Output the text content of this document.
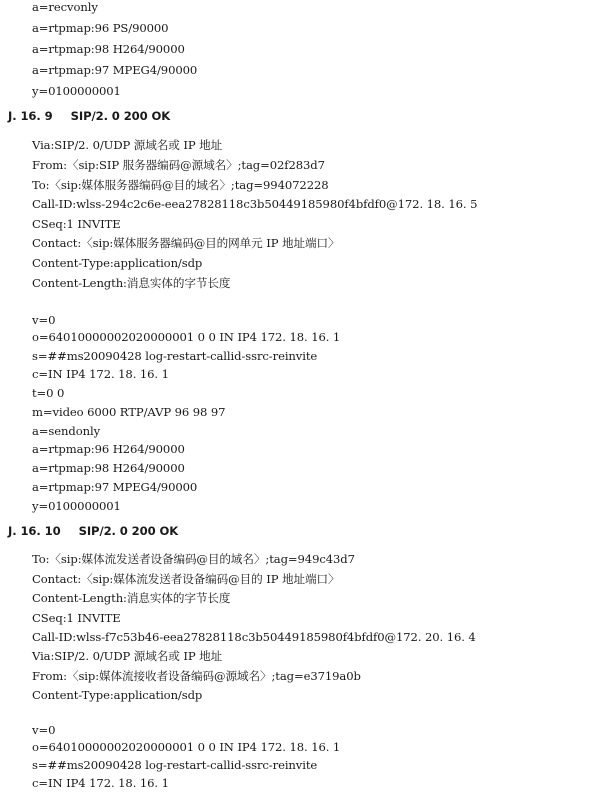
a=recvonly
a=rtpmap:96 PS/90000
a=rtpmap:98 H264/90000
a=rtpmap:97 MPEG4/90000
y=0100000001
J. 16. 9 SIP/2. 0 200 OK
Via:SIP/2. 0/UDP 源域名或 IP 地址
From:〈sip:SIP 服务器编码@源域名〉;tag=02f283d7
To:〈sip:媒体服务器编码@目的域名〉;tag=994072228
Call-ID:wlss-294c2c6e-eea27828118c3b50449185980f4bfdf0@172. 18. 16. 5
CSeq:1 INVITE
Contact:〈sip:媒体服务器编码@目的网单元 IP 地址端口〉
Content-Type:application/sdp
Content-Length:消息实体的字节长度
v=0
o=64010000002020000001 0 0 IN IP4 172. 18. 16. 1
s=##ms20090428 log-restart-callid-ssrc-reinvite
c=IN IP4 172. 18. 16. 1
t=0 0
m=video 6000 RTP/AVP 96 98 97
a=sendonly
a=rtpmap:96 H264/90000
a=rtpmap:98 H264/90000
a=rtpmap:97 MPEG4/90000
y=0100000001
J. 16. 10 SIP/2. 0 200 OK
To:〈sip:媒体流发送者设备编码@目的域名〉;tag=949c43d7
Contact:〈sip:媒体流发送者设备编码@目的 IP 地址端口〉
Content-Length:消息实体的字节长度
CSeq:1 INVITE
Call-ID:wlss-f7c53b46-eea27828118c3b50449185980f4bfdf0@172. 20. 16. 4
Via:SIP/2. 0/UDP 源域名或 IP 地址
From:〈sip:媒体流接收者设备编码@源域名〉;tag=e3719a0b
Content-Type:application/sdp
v=0
o=64010000002020000001 0 0 IN IP4 172. 18. 16. 1
s=##ms20090428 log-restart-callid-ssrc-reinvite
c=IN IP4 172. 18. 16. 1
